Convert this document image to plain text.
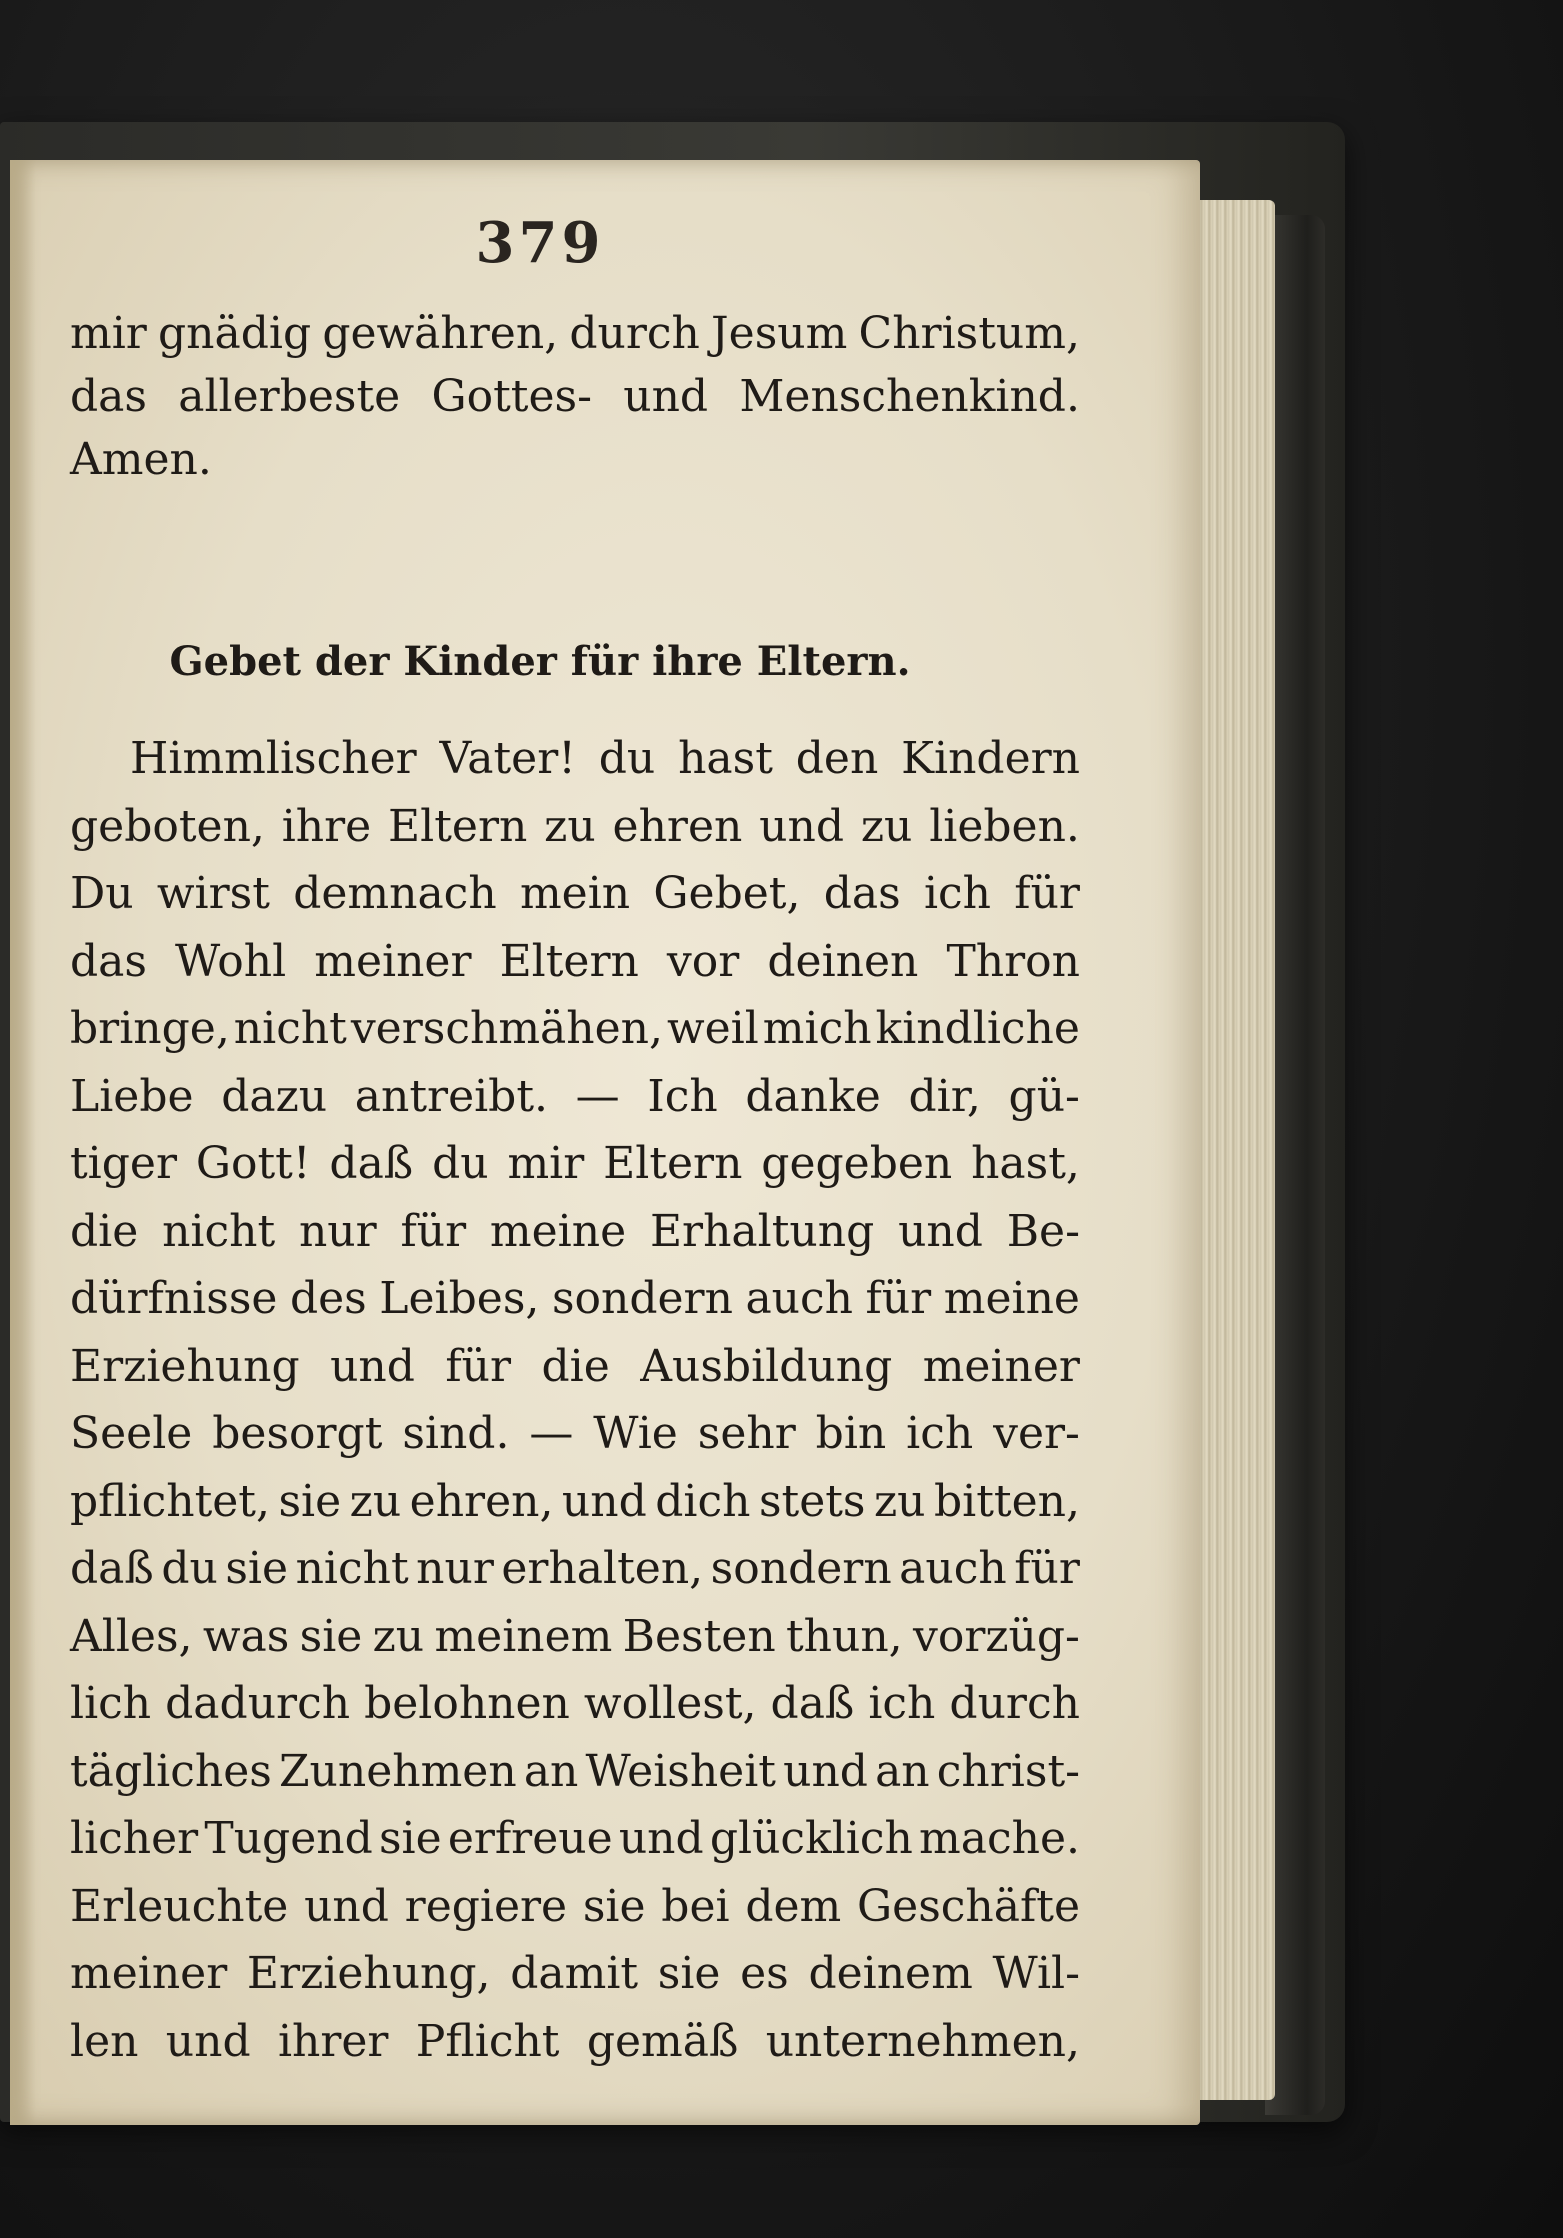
379
mir gnädig gewähren, durch Jesum Christum,
das allerbeste Gottes- und Menschenkind.
Amen.
Gebet der Kinder für ihre Eltern.
Himmlischer Vater! du hast den Kindern
geboten, ihre Eltern zu ehren und zu lieben.
Du wirst demnach mein Gebet, das ich für
das Wohl meiner Eltern vor deinen Thron
bringe, nicht verschmähen, weil mich kindliche
Liebe dazu antreibt. — Ich danke dir, gü-
tiger Gott! daß du mir Eltern gegeben hast,
die nicht nur für meine Erhaltung und Be-
dürfnisse des Leibes, sondern auch für meine
Erziehung und für die Ausbildung meiner
Seele besorgt sind. — Wie sehr bin ich ver-
pflichtet, sie zu ehren, und dich stets zu bitten,
daß du sie nicht nur erhalten, sondern auch für
Alles, was sie zu meinem Besten thun, vorzüg-
lich dadurch belohnen wollest, daß ich durch
tägliches Zunehmen an Weisheit und an christ-
licher Tugend sie erfreue und glücklich mache.
Erleuchte und regiere sie bei dem Geschäfte
meiner Erziehung, damit sie es deinem Wil-
len und ihrer Pflicht gemäß unternehmen,
